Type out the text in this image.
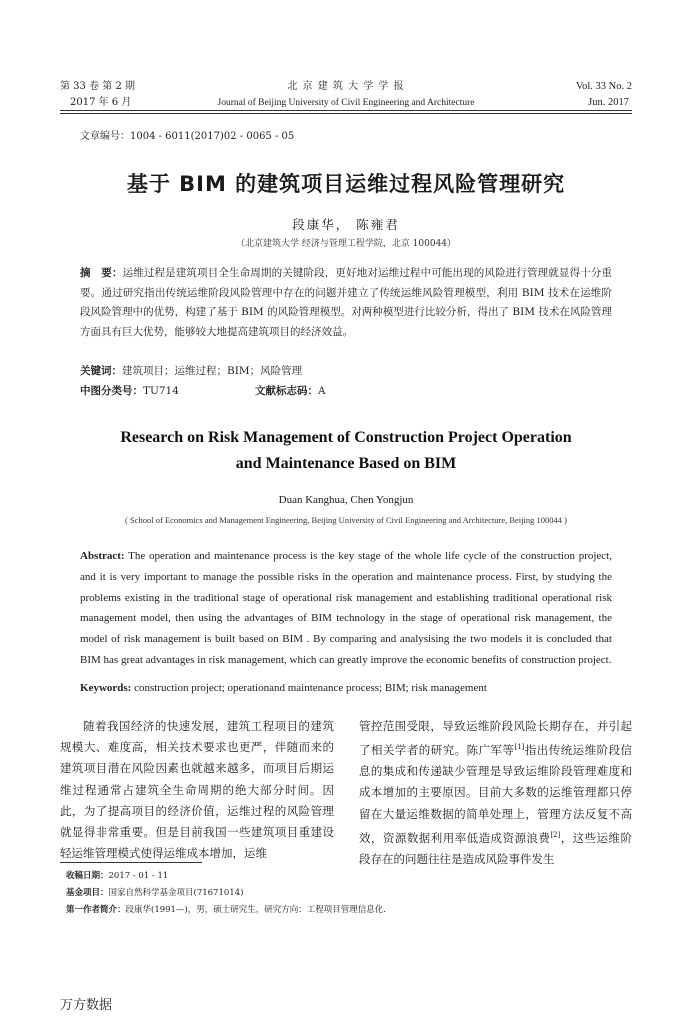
第 33 卷 第 2 期
2017 年 6 月
北 京 建 筑 大 学 学 报
Journal of Beijing University of Civil Engineering and Architecture
Vol. 33 No. 2
Jun. 2017
文章编号：1004 - 6011(2017)02 - 0065 - 05
基于 BIM 的建筑项目运维过程风险管理研究
段康华， 陈雍君
（北京建筑大学 经济与管理工程学院，北京 100044）
摘　要：运维过程是建筑项目全生命周期的关键阶段，更好地对运维过程中可能出现的风险进行管理就显得十分重要。通过研究指出传统运维阶段风险管理中存在的问题并建立了传统运维风险管理模型，利用 BIM 技术在运维阶段风险管理中的优势，构建了基于 BIM 的风险管理模型。对两种模型进行比较分析，得出了 BIM 技术在风险管理方面具有巨大优势，能够较大地提高建筑项目的经济效益。
关键词：建筑项目；运维过程；BIM；风险管理
中图分类号：TU714	文献标志码：A
Research on Risk Management of Construction Project Operation
and Maintenance Based on BIM
Duan Kanghua, Chen Yongjun
( School of Economics and Management Engineering, Beijing University of Civil Engineering and Architecture, Beijing 100044 )
Abstract: The operation and maintenance process is the key stage of the whole life cycle of the construction project, and it is very important to manage the possible risks in the operation and maintenance process. First, by studying the problems existing in the traditional stage of operational risk management and establishing traditional operational risk management model, then using the advantages of BIM technology in the stage of operational risk management, the model of risk management is built based on BIM . By comparing and analysising the two models it is concluded that BIM has great advantages in risk management, which can greatly improve the economic benefits of construction project.
Keywords: construction project; operationand maintenance process; BIM; risk management
随着我国经济的快速发展，建筑工程项目的建筑规模大、难度高，相关技术要求也更严，伴随而来的建筑项目潜在风险因素也就越来越多，而项目后期运维过程通常占建筑全生命周期的绝大部分时间。因此，为了提高项目的经济价值，运维过程的风险管理就显得非常重要。但是目前我国一些建筑项目重建设轻运维管理模式使得运维成本增加，运维
管控范围受限，导致运维阶段风险长期存在，并引起了相关学者的研究。陈广军等[1]指出传统运维阶段信息的集成和传递缺少管理是导致运维阶段管理难度和成本增加的主要原因。目前大多数的运维管理都只停留在大量运维数据的简单处理上，管理方法反复不高效，资源数据利用率低造成资源浪费[2]，这些运维阶段存在的问题往往是造成风险事件发生
收稿日期：2017 - 01 - 11
基金项目：国家自然科学基金项目(71671014)
第一作者简介：段康华(1991—)，男，硕士研究生，研究方向：工程项目管理信息化.
万方数据
